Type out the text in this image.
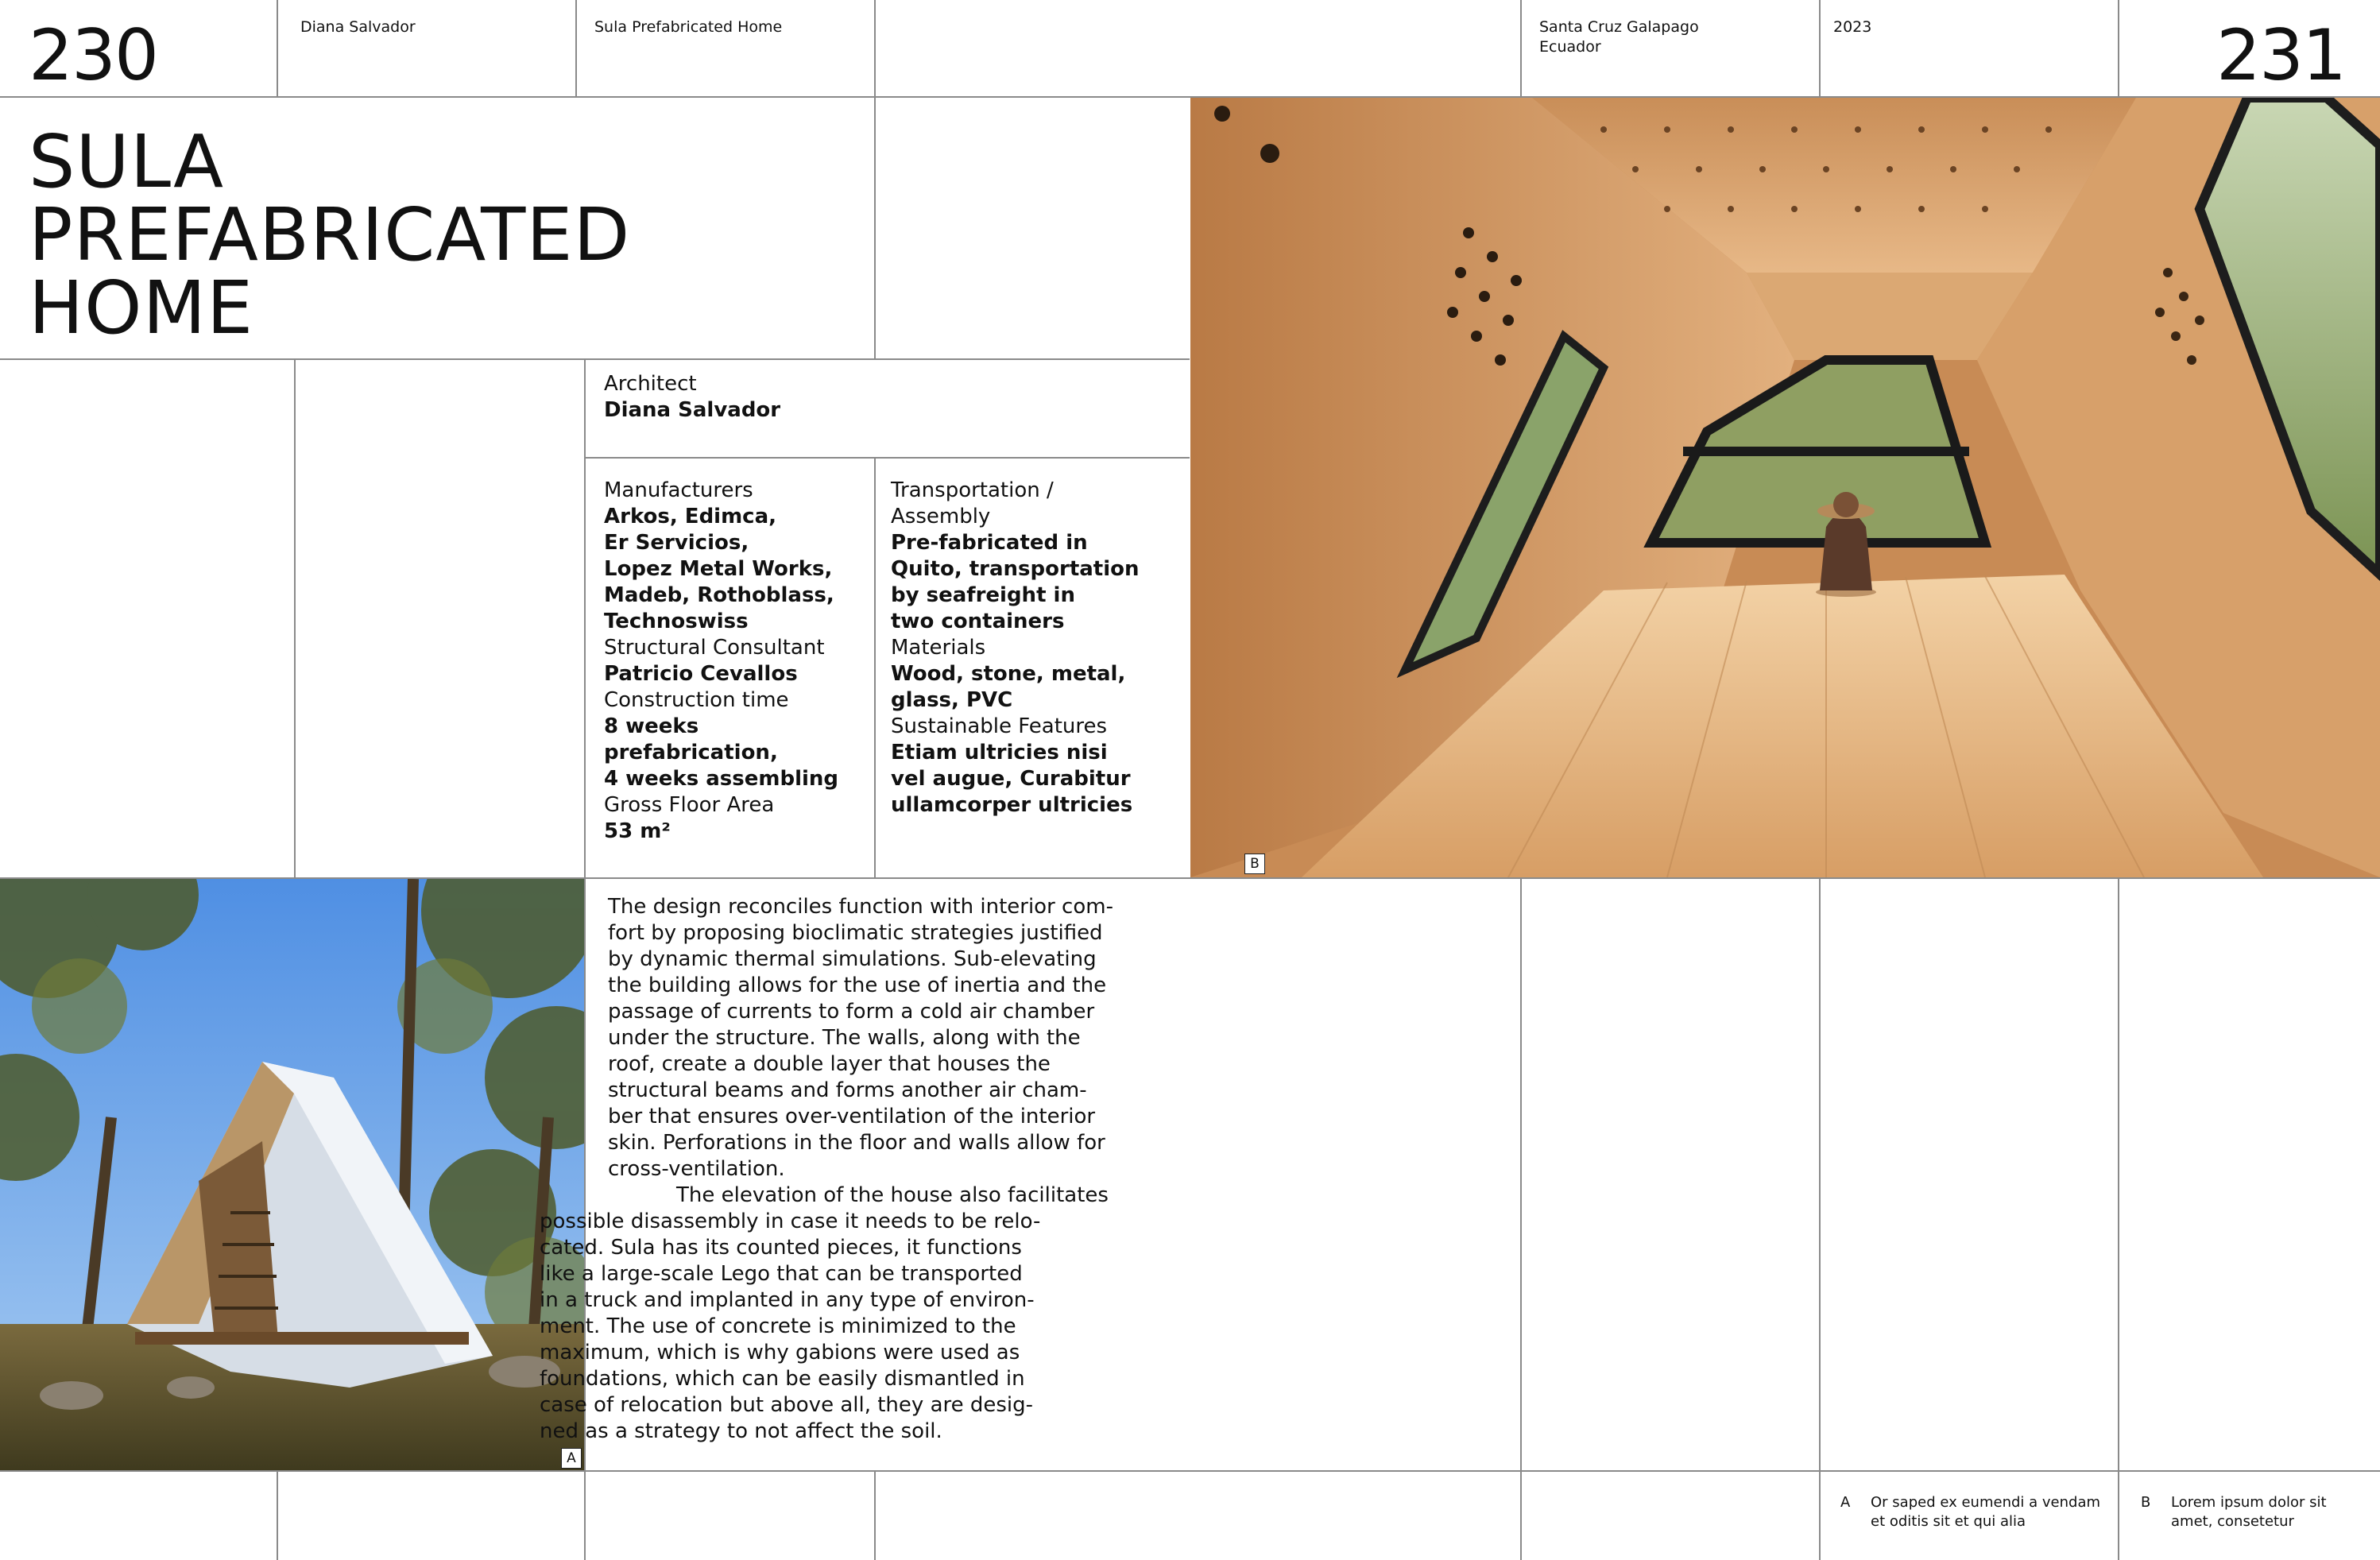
230	Diana Salvador	Sula Prefabricated Home	Santa Cruz Galapago
Ecuador
2023	231
SULA
PREFABRICATED
HOME
Architect
Diana Salvador
Manufacturers
Arkos, Edimca,
Er Servicios,
Lopez Metal Works,
Madeb, Rothoblass,
Technoswiss
Structural Consultant
Patricio Cevallos
Construction time
8 weeks prefabrication,
4 weeks assembling
Gross Floor Area
53 m²
Transportation /
Assembly
Pre-fabricated in
Quito, transportation
by seafreight in
two containers
Materials
Wood, stone, metal,
glass, PVC
Sustainable Features
Etiam ultricies nisi
vel augue, Curabitur
ullamcorper ultricies
B
A

The design reconciles function with interior com-
fort by proposing bioclimatic strategies justified
by dynamic thermal simulations. Sub-elevating
the building allows for the use of inertia and the
passage of currents to form a cold air chamber
under the structure. The walls, along with the
roof, create a double layer that houses the
structural beams and forms another air cham-
ber that ensures over-ventilation of the interior
skin. Perforations in the floor and walls allow for
cross-ventilation.

The elevation of the house also facilitates
possible disassembly in case it needs to be relo-
cated. Sula has its counted pieces, it functions
like a large-scale Lego that can be transported
in a truck and implanted in any type of environ-
ment. The use of concrete is minimized to the
maximum, which is why gabions were used as
foundations, which can be easily dismantled in
case of relocation but above all, they are desig-
ned as a strategy to not affect the soil.

A Or saped ex eumendi a vendam
et oditis sit et qui alia
B Lorem ipsum dolor sit
amet, consetetur
